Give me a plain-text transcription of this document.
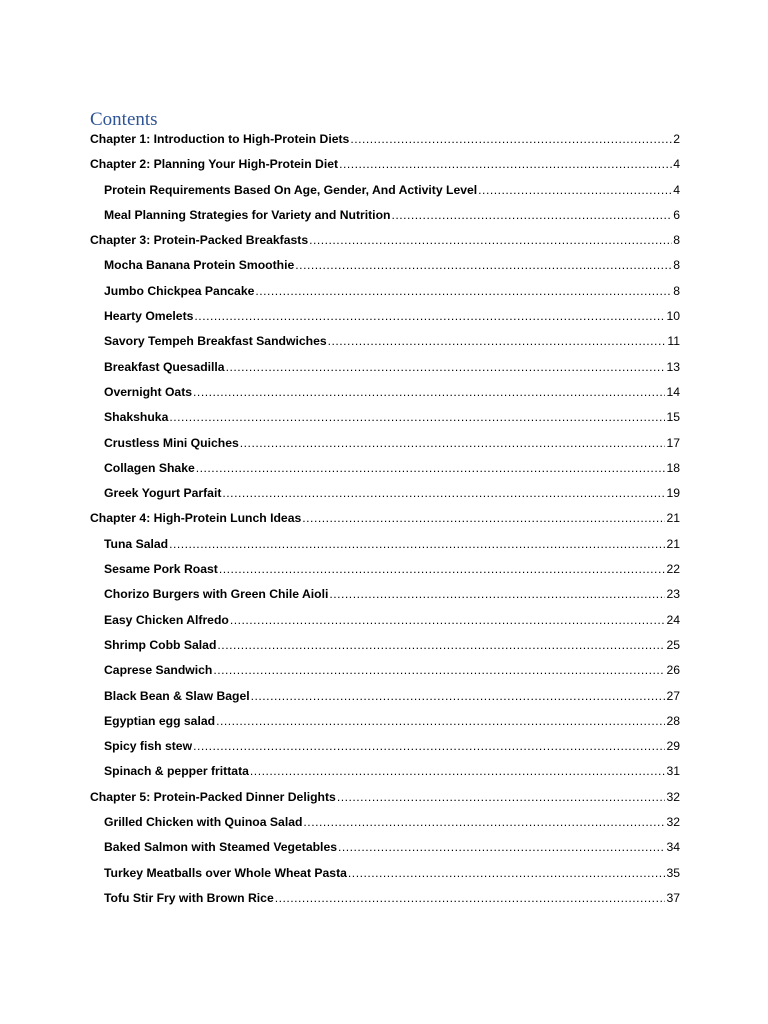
Contents
Chapter 1: Introduction to High-Protein Diets .....	2
Chapter 2: Planning Your High-Protein Diet .....	4
Protein Requirements Based On Age, Gender, And Activity Level .....	4
Meal Planning Strategies for Variety and Nutrition .....	6
Chapter 3: Protein-Packed Breakfasts .....	8
Mocha Banana Protein Smoothie .....	8
Jumbo Chickpea Pancake .....	8
Hearty Omelets .....	10
Savory Tempeh Breakfast Sandwiches .....	11
Breakfast Quesadilla .....	13
Overnight Oats .....	14
Shakshuka .....	15
Crustless Mini Quiches .....	17
Collagen Shake .....	18
Greek Yogurt Parfait .....	19
Chapter 4: High-Protein Lunch Ideas .....	21
Tuna Salad .....	21
Sesame Pork Roast .....	22
Chorizo Burgers with Green Chile Aioli .....	23
Easy Chicken Alfredo .....	24
Shrimp Cobb Salad .....	25
Caprese Sandwich .....	26
Black Bean & Slaw Bagel .....	27
Egyptian egg salad .....	28
Spicy fish stew .....	29
Spinach & pepper frittata .....	31
Chapter 5: Protein-Packed Dinner Delights .....	32
Grilled Chicken with Quinoa Salad .....	32
Baked Salmon with Steamed Vegetables .....	34
Turkey Meatballs over Whole Wheat Pasta .....	35
Tofu Stir Fry with Brown Rice .....	37
